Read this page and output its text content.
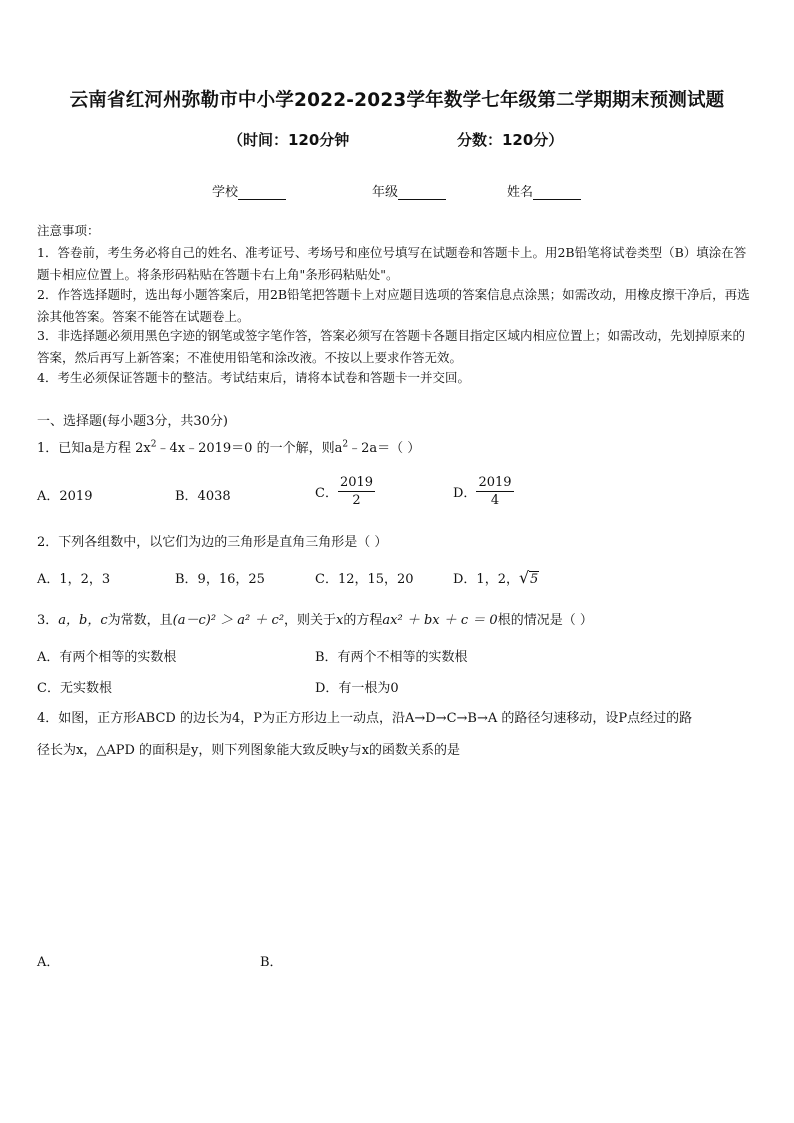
云南省红河州弥勒市中小学2022-2023学年数学七年级第二学期期末预测试题
（时间：120分钟	分数：120分）
学校	年级	姓名
注意事项：
1．答卷前，考生务必将自己的姓名、准考证号、考场号和座位号填写在试题卷和答题卡上。用2B铅笔将试卷类型（B）填涂在答题卡相应位置上。将条形码粘贴在答题卡右上角"条形码粘贴处"。
2．作答选择题时，选出每小题答案后，用2B铅笔把答题卡上对应题目选项的答案信息点涂黑；如需改动，用橡皮擦干净后，再选涂其他答案。答案不能答在试题卷上。
3．非选择题必须用黑色字迹的钢笔或签字笔作答，答案必须写在答题卡各题目指定区域内相应位置上；如需改动，先划掉原来的答案，然后再写上新答案；不准使用铅笔和涂改液。不按以上要求作答无效。
4．考生必须保证答题卡的整洁。考试结束后，请将本试卷和答题卡一并交回。
一、选择题(每小题3分，共30分)
1．已知a是方程 $2x^2﹣4x﹣2019=0$ 的一个解，则$a^2﹣2a=$（ ）
A．2019	B．4038	C． $\frac{2019}{2}$	D． $\frac{2019}{4}$
2．下列各组数中，以它们为边的三角形是直角三角形是（ ）
A．1，2，3	B．9，16，25	C．12，15，20	D．1，2， √ 5
3．a，b，c为常数，且(a－c)² ＞ a² ＋ c²，则关于x的方程ax² ＋ bx ＋ c ＝ 0根的情况是（ ）
A．有两个相等的实数根	B．有两个不相等的实数根
C．无实数根	D．有一根为0
4．如图，正方形ABCD 的边长为4，P为正方形边上一动点，沿A→D→C→B→A 的路径匀速移动，设P点经过的路
径长为x，△APD 的面积是y，则下列图象能大致反映y与x的函数关系的是
A．	B．
